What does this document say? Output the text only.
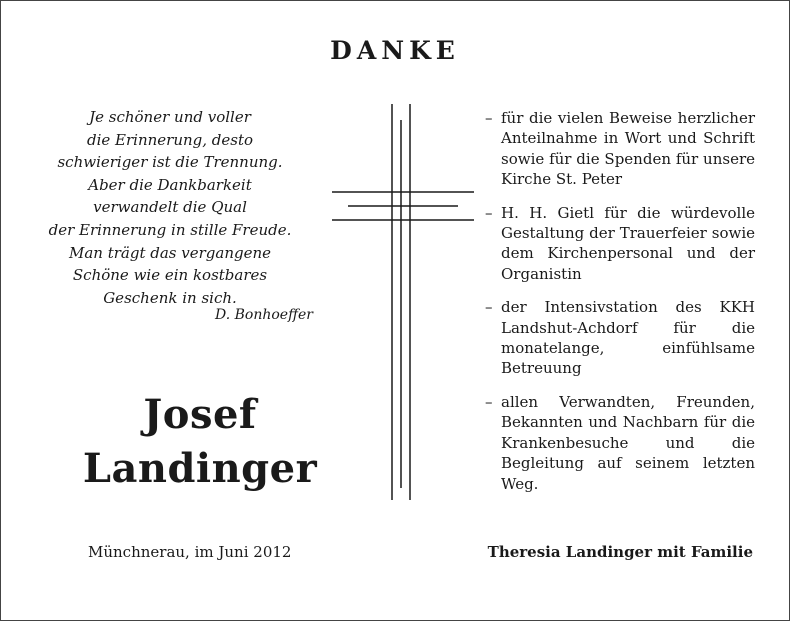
DANKE
Je schöner und voller
die Erinnerung, desto
schwieriger ist die Trennung.
Aber die Dankbarkeit
verwandelt die Qual
der Erinnerung in stille Freude.
Man trägt das vergangene
Schöne wie ein kostbares
Geschenk in sich.
D. Bonhoeffer
Josef
Landinger
– für die vielen Beweise herzlicher Anteilnahme in Wort und Schrift sowie für die Spenden für unsere Kirche St. Peter
– H. H. Gietl für die würdevolle Gestaltung der Trauerfeier sowie dem Kirchenpersonal und der Organistin
– der Intensivstation des KKH Landshut-Achdorf für die monatelange, einfühlsame Betreuung
– allen Verwandten, Freunden, Bekannten und Nachbarn für die Krankenbesuche und die Begleitung auf seinem letzten Weg.
Münchnerau, im Juni 2012	Theresia Landinger mit Familie
